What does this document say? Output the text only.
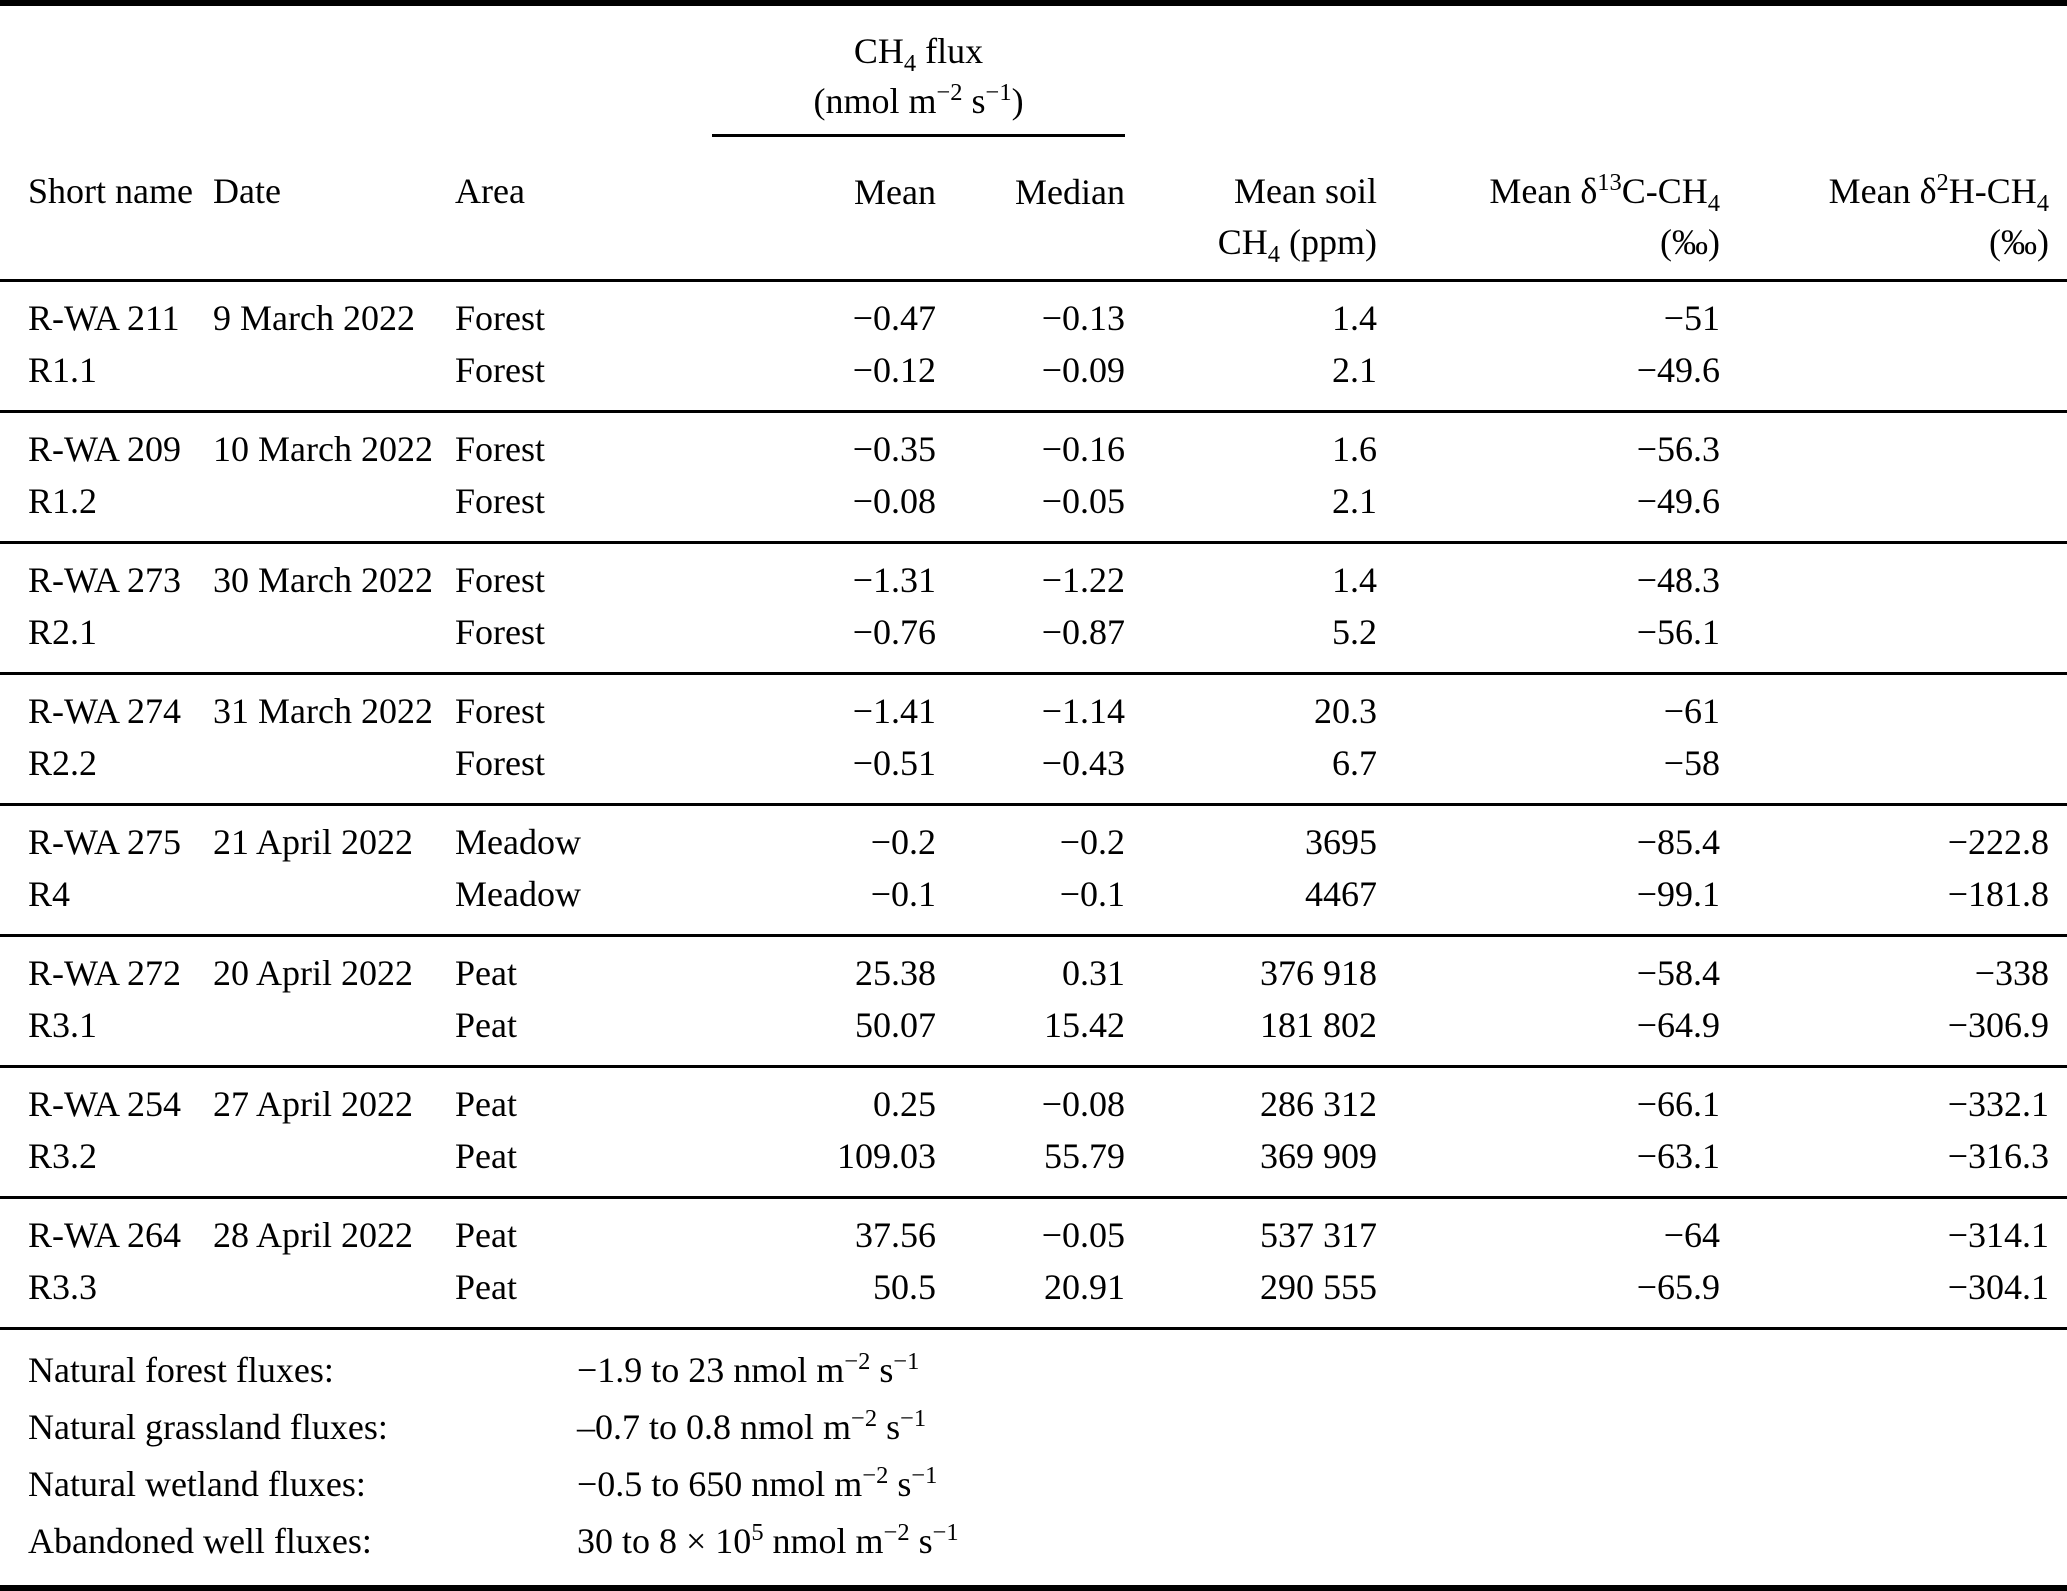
			$CH_4$ flux				
			(nmol $m^{-2}$ $s^{-1}$)				
Short name	Date	Area	Mean	Median	Mean soil	Mean $\delta^{13}C-CH_4$	Mean $\delta^2H-CH_4$
					$CH_4$ (ppm)	(‰)	(‰)
R-WA 211	9 March 2022	Forest	−0.47	−0.13	1.4	−51	
R1.1		Forest	−0.12	−0.09	2.1	−49.6	
R-WA 209	10 March 2022	Forest	−0.35	−0.16	1.6	−56.3	
R1.2		Forest	−0.08	−0.05	2.1	−49.6	
R-WA 273	30 March 2022	Forest	−1.31	−1.22	1.4	−48.3	
R2.1		Forest	−0.76	−0.87	5.2	−56.1	
R-WA 274	31 March 2022	Forest	−1.41	−1.14	20.3	−61	
R2.2		Forest	−0.51	−0.43	6.7	−58	
R-WA 275	21 April 2022	Meadow	−0.2	−0.2	3695	−85.4	−222.8
R4		Meadow	−0.1	−0.1	4467	−99.1	−181.8
R-WA 272	20 April 2022	Peat	25.38	0.31	376 918	−58.4	−338
R3.1		Peat	50.07	15.42	181 802	−64.9	−306.9
R-WA 254	27 April 2022	Peat	0.25	−0.08	286 312	−66.1	−332.1
R3.2		Peat	109.03	55.79	369 909	−63.1	−316.3
R-WA 264	28 April 2022	Peat	37.56	−0.05	537 317	−64	−314.1
R3.3		Peat	50.5	20.91	290 555	−65.9	−304.1
Natural forest fluxes:	−1.9 to 23 nmol $m^{-2}$ $s^{-1}$
Natural grassland fluxes:	–0.7 to 0.8 nmol $m^{-2}$ $s^{-1}$
Natural wetland fluxes:	−0.5 to 650 nmol $m^{-2}$ $s^{-1}$
Abandoned well fluxes:	30 to $8 \times 10^5$ nmol $m^{-2}$ $s^{-1}$
